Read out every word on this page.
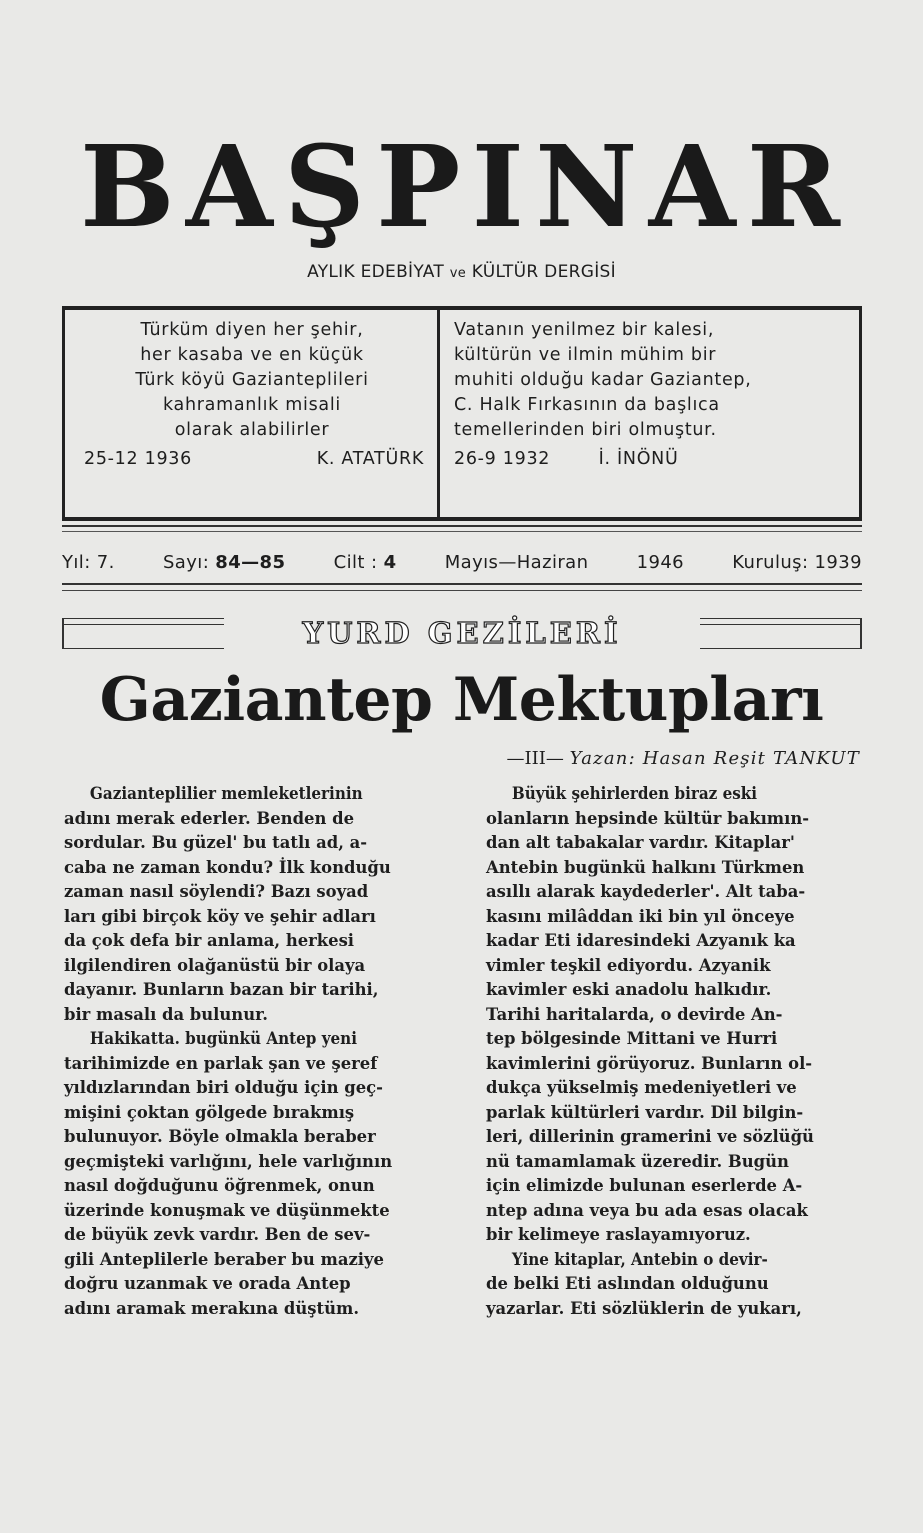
B A Ş P I N A R
AYLIK EDEBİYAT ve KÜLTÜR DERGİSİ

Türküm diyen her şehir,

her kasaba ve en küçük

Türk köyü Gazianteplileri

kahramanlık misali

olarak alabilirler

25-12 1936	K. ATATÜRK

Vatanın yenilmez bir kalesi,

kültürün ve ilmin mühim bir

muhiti olduğu kadar Gaziantep,

C. Halk Fırkasının da başlıca

temellerinden biri olmuştur.

26-9 1932	İ. İNÖNÜ

Yıl: 7.	Sayı: 84—85	Cilt : 4	Mayıs—Haziran	1946	Kuruluş: 1939
YURD GEZİLERİ
Gaziantep Mektupları
—III— Yazan: Hasan Reşit TANKUT

Gazianteplilier memleketlerinin

adını merak ederler. Benden de

sordular. Bu güzel' bu tatlı ad, a-

caba ne zaman kondu? İlk konduğu

zaman nasıl söylendi? Bazı soyad

ları gibi birçok köy ve şehir adları

da çok defa bir anlama, herkesi

ilgilendiren olağanüstü bir olaya

dayanır. Bunların bazan bir tarihi,

bir masalı da bulunur.

Hakikatta. bugünkü Antep yeni

tarihimizde en parlak şan ve şeref

yıldızlarından biri olduğu için geç-

mişini çoktan gölgede bırakmış

bulunuyor. Böyle olmakla beraber

geçmişteki varlığını, hele varlığının

nasıl doğduğunu öğrenmek, onun

üzerinde konuşmak ve düşünmekte

de büyük zevk vardır. Ben de sev-

gili Anteplilerle beraber bu maziye

doğru uzanmak ve orada Antep

adını aramak merakına düştüm.

Büyük şehirlerden biraz eski

olanların hepsinde kültür bakımın-

dan alt tabakalar vardır. Kitaplar'

Antebin bugünkü halkını Türkmen

asıllı alarak kaydederler'. Alt taba-

kasını milâddan iki bin yıl önceye

kadar Eti idaresindeki Azyanık ka

vimler teşkil ediyordu. Azyanik

kavimler eski anadolu halkıdır.

Tarihi haritalarda, o devirde An-

tep bölgesinde Mittani ve Hurri

kavimlerini görüyoruz. Bunların ol-

dukça yükselmiş medeniyetleri ve

parlak kültürleri vardır. Dil bilgin-

leri, dillerinin gramerini ve sözlüğü

nü tamamlamak üzeredir. Bugün

için elimizde bulunan eserlerde A-

ntep adına veya bu ada esas olacak

bir kelimeye raslayamıyoruz.

Yine kitaplar, Antebin o devir-

de belki Eti aslından olduğunu

yazarlar. Eti sözlüklerin de yukarı,
